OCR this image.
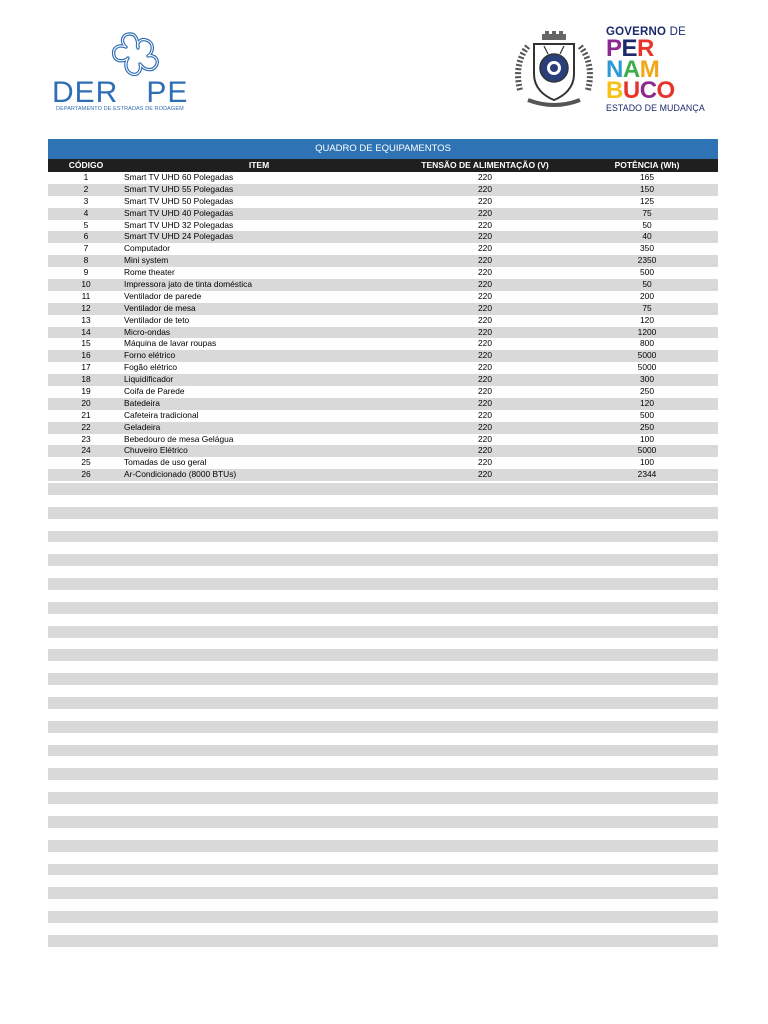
DER PE
DEPARTAMENTO DE ESTRADAS DE RODAGEM
GOVERNO DE
PER
NAM
BUCO
ESTADO DE MUDANÇA
QUADRO DE EQUIPAMENTOS
CÓDIGO	ITEM	TENSÃO DE ALIMENTAÇÃO (V)	POTÊNCIA (Wh)
1	Smart TV UHD 60 Polegadas	220	165
2	Smart TV UHD 55 Polegadas	220	150
3	Smart TV UHD 50 Polegadas	220	125
4	Smart TV UHD 40 Polegadas	220	75
5	Smart TV UHD 32 Polegadas	220	50
6	Smart TV UHD 24 Polegadas	220	40
7	Computador	220	350
8	Mini system	220	2350
9	Rome theater	220	500
10	Impressora jato de tinta doméstica	220	50
11	Ventilador de parede	220	200
12	Ventilador de mesa	220	75
13	Ventilador de teto	220	120
14	Micro-ondas	220	1200
15	Máquina de lavar roupas	220	800
16	Forno elétrico	220	5000
17	Fogão elétrico	220	5000
18	Liquidificador	220	300
19	Coifa de Parede	220	250
20	Batedeira	220	120
21	Cafeteira tradicional	220	500
22	Geladeira	220	250
23	Bebedouro de mesa Gelágua	220	100
24	Chuveiro Elétrico	220	5000
25	Tomadas de uso geral	220	100
26	Ar-Condicionado (8000 BTUs)	220	2344
